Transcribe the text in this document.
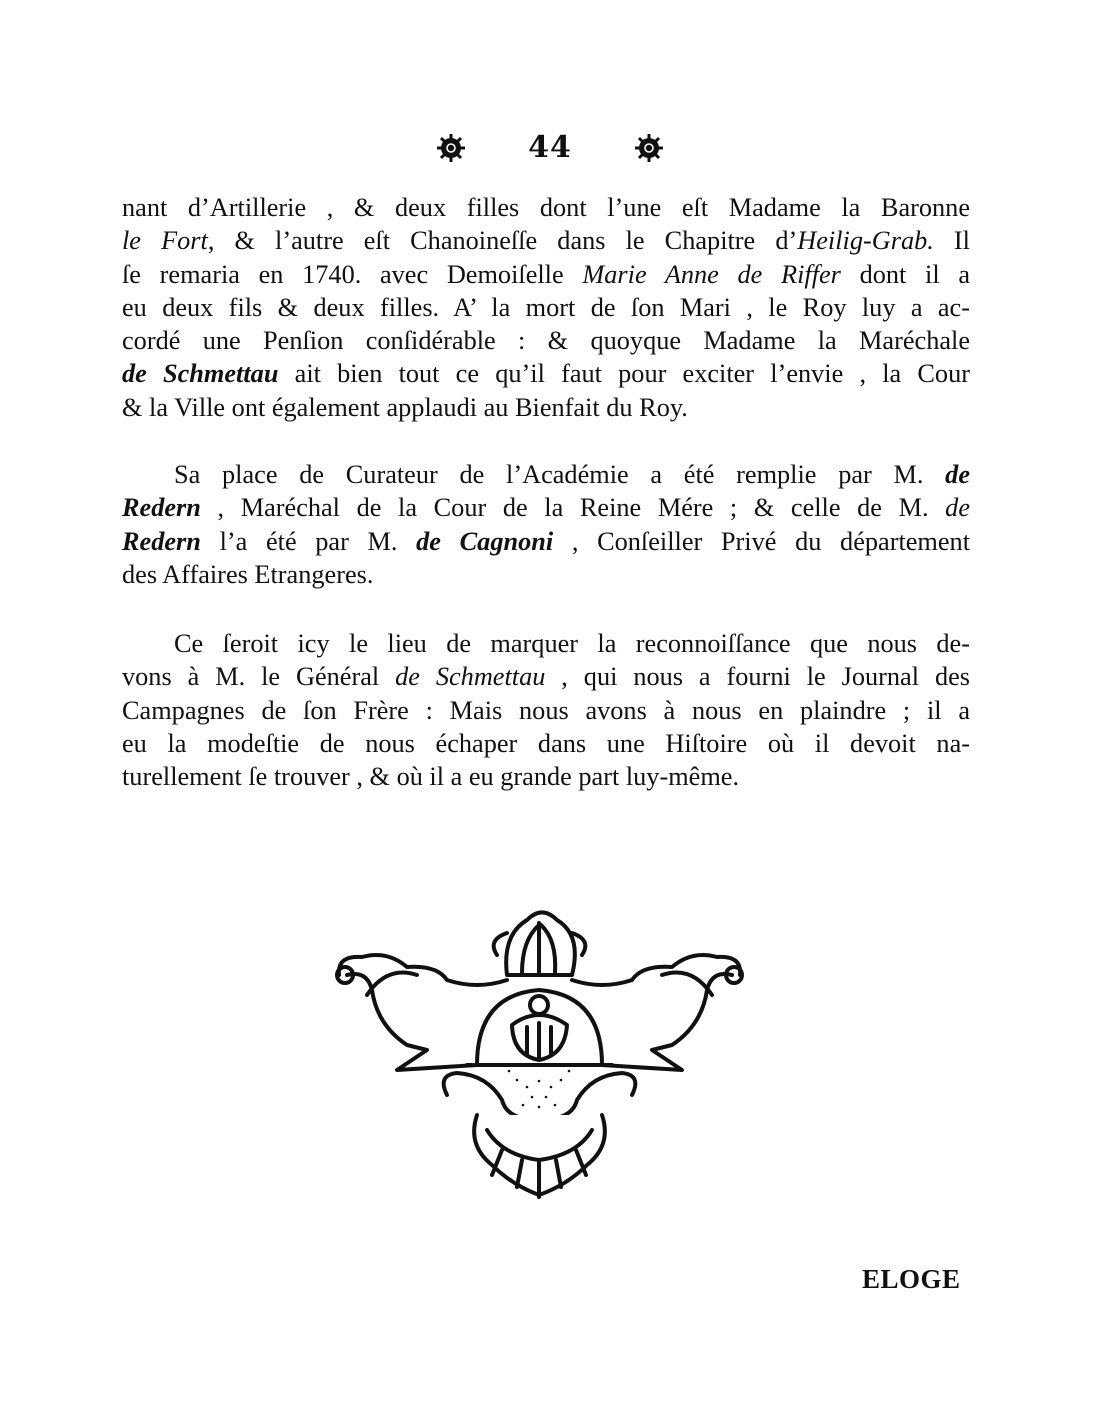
44
nant d’Artillerie , & deux filles dont l’une eſt Madame la Baronne
le Fort, & l’autre eſt Chanoineſſe dans le Chapitre d’Heilig-Grab. Il
ſe remaria en 1740. avec Demoiſelle Marie Anne de Riffer dont il a
eu deux fils & deux filles. A’ la mort de ſon Mari , le Roy luy a ac-
cordé une Penſion conſidérable : & quoyque Madame la Maréchale
de Schmettau ait bien tout ce qu’il faut pour exciter l’envie , la Cour
& la Ville ont également applaudi au Bienfait du Roy.
Sa place de Curateur de l’Académie a été remplie par M. de
Redern , Maréchal de la Cour de la Reine Mére ; & celle de M. de
Redern l’a été par M. de Cagnoni , Conſeiller Privé du département
des Affaires Etrangeres.
Ce ſeroit icy le lieu de marquer la reconnoiſſance que nous de-
vons à M. le Général de Schmettau , qui nous a fourni le Journal des
Campagnes de ſon Frère : Mais nous avons à nous en plaindre ; il a
eu la modeſtie de nous échaper dans une Hiſtoire où il devoit na-
turellement ſe trouver , & où il a eu grande part luy-même.
ELOGE
